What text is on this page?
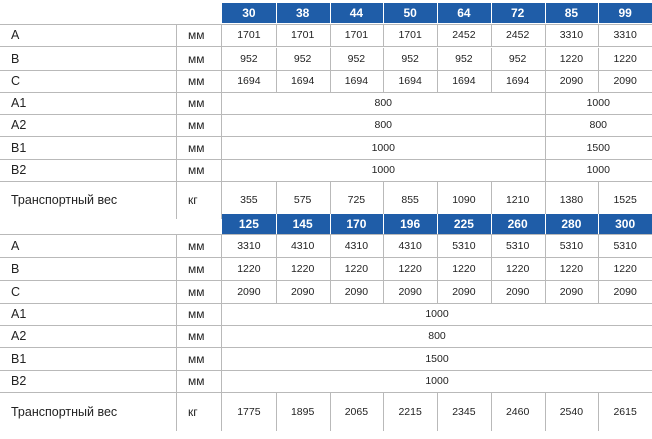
30	38	44	50	64	72	85	99
A	мм	1701	1701	1701	1701	2452	2452	3310	3310
B	мм	952	952	952	952	952	952	1220	1220
C	мм	1694	1694	1694	1694	1694	1694	2090	2090
A1	мм	800	1000
A2	мм	800	800
B1	мм	1000	1500
B2	мм	1000	1000
Транспортный вес	кг	355	575	725	855	1090	1210	1380	1525
125	145	170	196	225	260	280	300
A	мм	3310	4310	4310	4310	5310	5310	5310	5310
B	мм	1220	1220	1220	1220	1220	1220	1220	1220
C	мм	2090	2090	2090	2090	2090	2090	2090	2090
A1	мм	1000
A2	мм	800
B1	мм	1500
B2	мм	1000
Транспортный вес	кг	1775	1895	2065	2215	2345	2460	2540	2615
